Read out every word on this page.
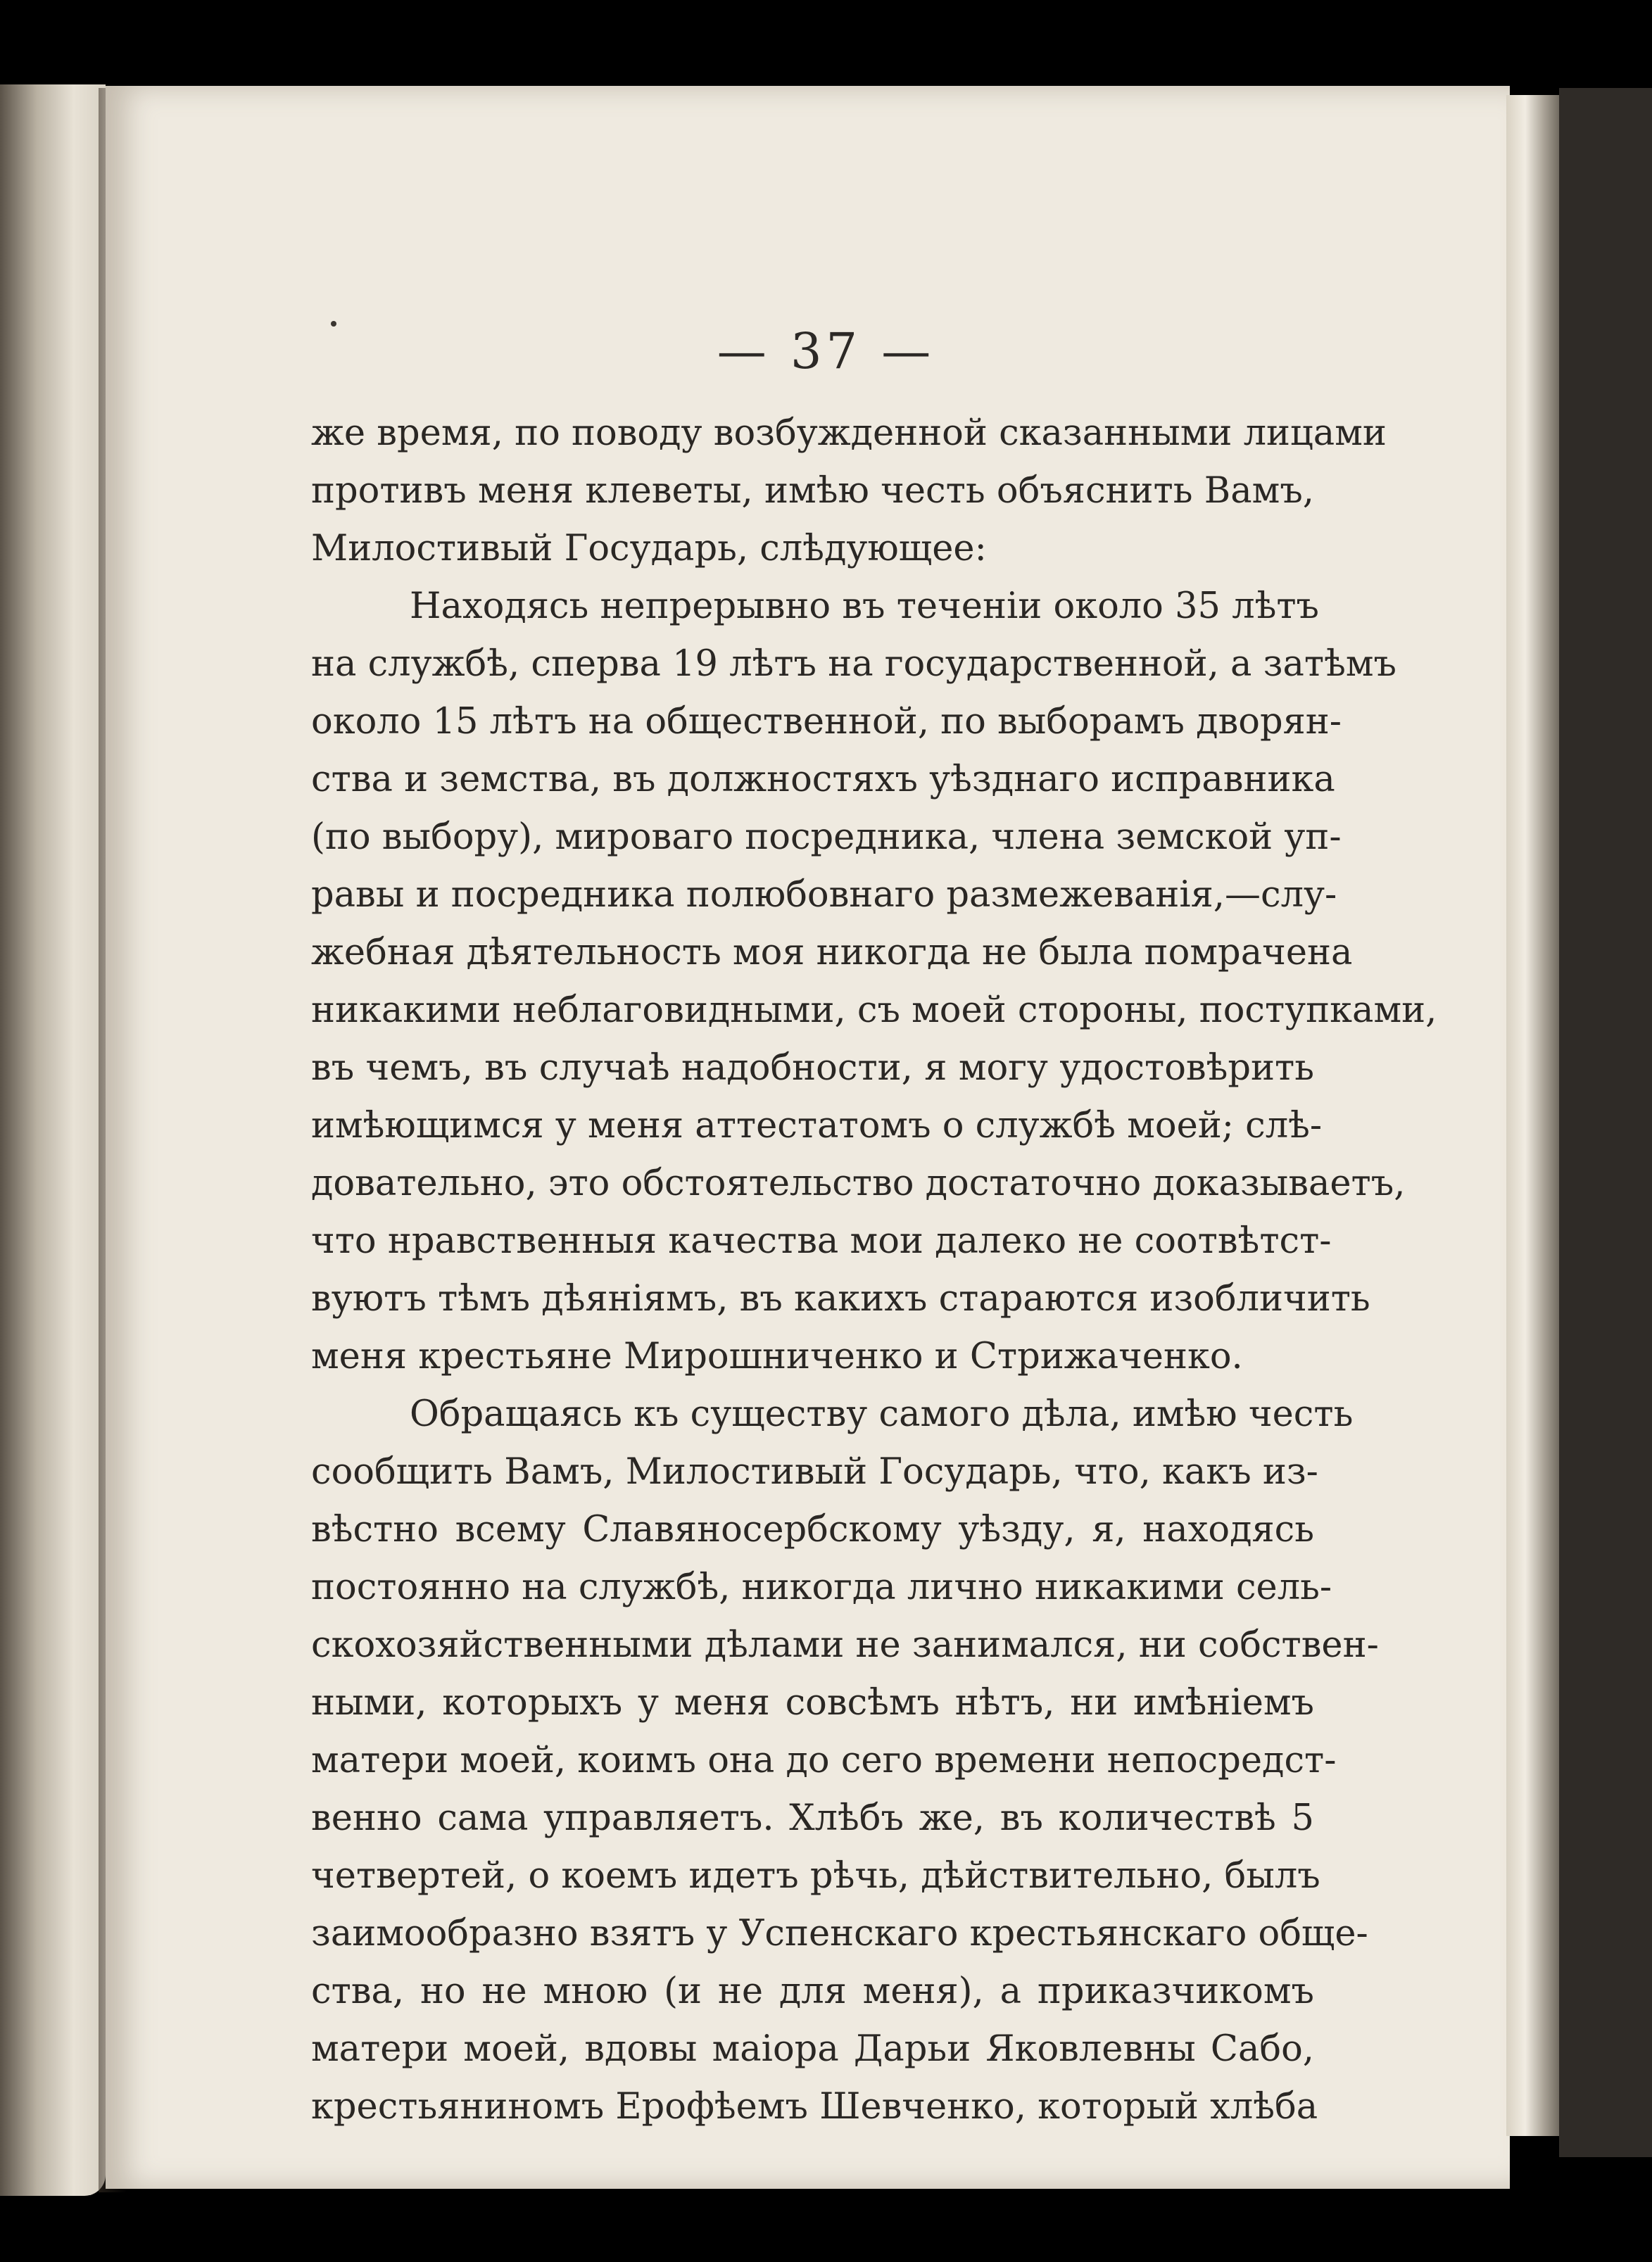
— 37 —
же время, по поводу возбужденной сказанными лицами
противъ меня клеветы, имѣю честь объяснить Вамъ,
Милостивый Государь, слѣдующее:
Находясь непрерывно въ теченіи около 35 лѣтъ
на службѣ, сперва 19 лѣтъ на государственной, а затѣмъ
около 15 лѣтъ на общественной, по выборамъ дворян-
ства и земства, въ должностяхъ уѣзднаго исправника
(по выбору), мироваго посредника, члена земской уп-
равы и посредника полюбовнаго размежеванія,—слу-
жебная дѣятельность моя никогда не была помрачена
никакими неблаговидными, съ моей стороны, поступками,
въ чемъ, въ случаѣ надобности, я могу удостовѣрить
имѣющимся у меня аттестатомъ о службѣ моей; слѣ-
довательно, это обстоятельство достаточно доказываетъ,
что нравственныя качества мои далеко не соотвѣтст-
вуютъ тѣмъ дѣяніямъ, въ какихъ стараются изобличить
меня крестьяне Мирошниченко и Стрижаченко.
Обращаясь къ существу самого дѣла, имѣю честь
сообщить Вамъ, Милостивый Государь, что, какъ из-
вѣстно всему Славяносербскому уѣзду, я, находясь
постоянно на службѣ, никогда лично никакими сель-
скохозяйственными дѣлами не занимался, ни собствен-
ными, которыхъ у меня совсѣмъ нѣтъ, ни имѣніемъ
матери моей, коимъ она до сего времени непосредст-
венно сама управляетъ. Хлѣбъ же, въ количествѣ 5
четвертей, о коемъ идетъ рѣчь, дѣйствительно, былъ
заимообразно взятъ у Успенскаго крестьянскаго обще-
ства, но не мною (и не для меня), а приказчикомъ
матери моей, вдовы маіора Дарьи Яковлевны Сабо,
крестьяниномъ Ерофѣемъ Шевченко, который хлѣба
